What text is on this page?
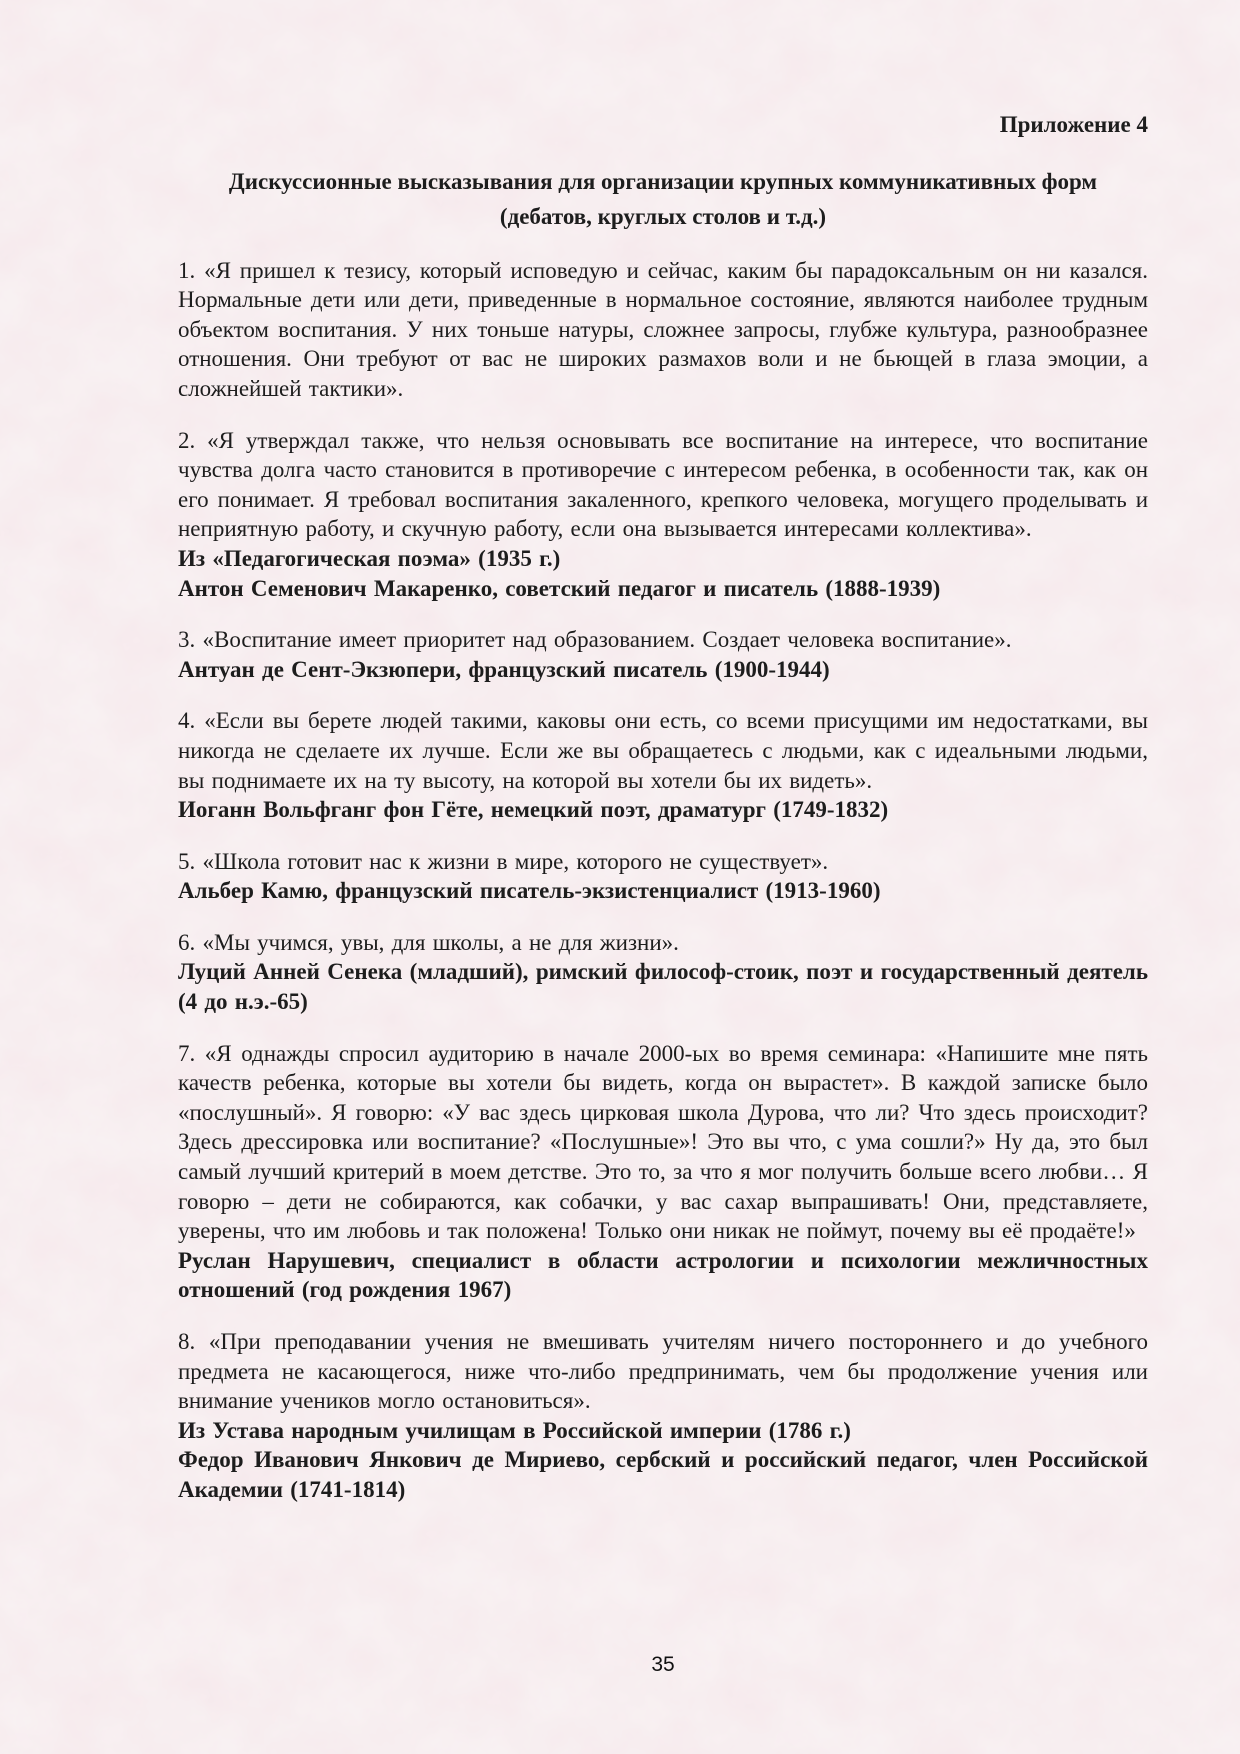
Приложение 4

Дискуссионные высказывания для организации крупных коммуникативных форм
(дебатов, круглых столов и т.д.)

1. «Я пришел к тезису, который исповедую и сейчас, каким бы парадоксальным он ни казался. Нормальные дети или дети, приведенные в нормальное состояние, являются наиболее трудным объектом воспитания. У них тоньше натуры, сложнее запросы, глубже культура, разнообразнее отношения. Они требуют от вас не широких размахов воли и не бьющей в глаза эмоции, а сложнейшей тактики».

2. «Я утверждал также, что нельзя основывать все воспитание на интересе, что воспитание чувства долга часто становится в противоречие с интересом ребенка, в особенности так, как он его понимает. Я требовал воспитания закаленного, крепкого человека, могущего проделывать и неприятную работу, и скучную работу, если она вызывается интересами коллектива».

Из «Педагогическая поэма» (1935 г.)

Антон Семенович Макаренко, советский педагог и писатель (1888-1939)

3. «Воспитание имеет приоритет над образованием. Создает человека воспитание».

Антуан де Сент-Экзюпери, французский писатель (1900-1944)

4. «Если вы берете людей такими, каковы они есть, со всеми присущими им недостатками, вы никогда не сделаете их лучше. Если же вы обращаетесь с людьми, как с идеальными людьми, вы поднимаете их на ту высоту, на которой вы хотели бы их видеть».

Иоганн Вольфганг фон Гёте, немецкий поэт, драматург (1749-1832)

5. «Школа готовит нас к жизни в мире, которого не существует».

Альбер Камю, французский писатель-экзистенциалист (1913-1960)

6. «Мы учимся, увы, для школы, а не для жизни».

Луций Анней Сенека (младший), римский философ-стоик, поэт и государственный деятель (4 до н.э.-65)

7. «Я однажды спросил аудиторию в начале 2000-ых во время семинара: «Напишите мне пять качеств ребенка, которые вы хотели бы видеть, когда он вырастет». В каждой записке было «послушный». Я говорю: «У вас здесь цирковая школа Дурова, что ли? Что здесь происходит? Здесь дрессировка или воспитание? «Послушные»! Это вы что, с ума сошли?» Ну да, это был самый лучший критерий в моем детстве. Это то, за что я мог получить больше всего любви… Я говорю – дети не собираются, как собачки, у вас сахар выпрашивать! Они, представляете, уверены, что им любовь и так положена! Только они никак не поймут, почему вы её продаёте!»

Руслан Нарушевич, специалист в области астрологии и психологии межличностных отношений (год рождения 1967)

8. «При преподавании учения не вмешивать учителям ничего постороннего и до учебного предмета не касающегося, ниже что-либо предпринимать, чем бы продолжение учения или внимание учеников могло остановиться».

Из Устава народным училищам в Российской империи (1786 г.)

Федор Иванович Янкович де Мириево, сербский и российский педагог, член Российской Академии (1741-1814)

35
